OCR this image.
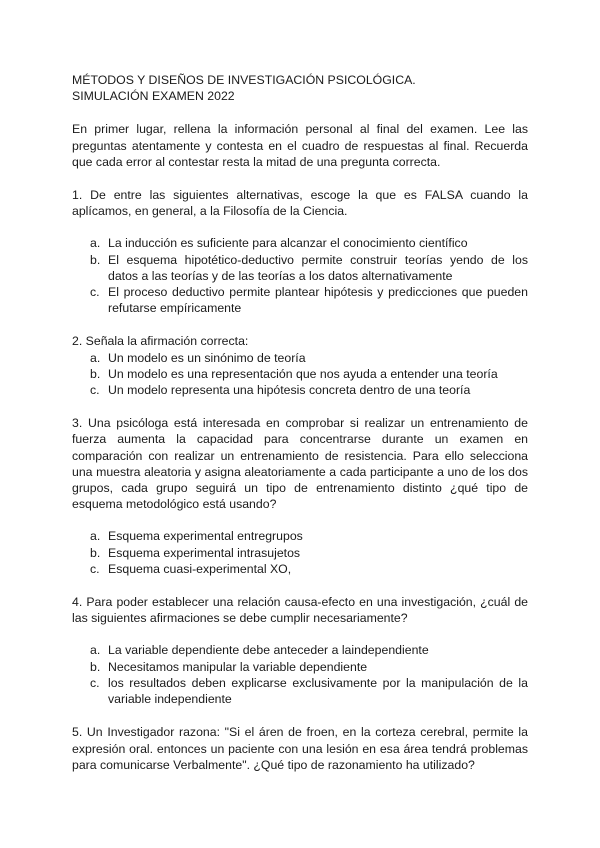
MÉTODOS Y DISEÑOS DE INVESTIGACIÓN PSICOLÓGICA.

SIMULACIÓN EXAMEN 2022

En primer lugar, rellena la información personal al final del examen. Lee las preguntas atentamente y contesta en el cuadro de respuestas al final. Recuerda que cada error al contestar resta la mitad de una pregunta correcta.

1. De entre las siguientes alternativas, escoge la que es FALSA cuando la aplícamos, en general, a la Filosofía de la Ciencia.

a. La inducción es suficiente para alcanzar el conocimiento científico
b. El esquema hipotético-deductivo permite construir teorías yendo de los datos a las teorías y de las teorías a los datos alternativamente
c. El proceso deductivo permite plantear hipótesis y predicciones que pueden refutarse empíricamente

2. Señala la afirmación correcta:

a. Un modelo es un sinónimo de teoría
b. Un modelo es una representación que nos ayuda a entender una teoría
c. Un modelo representa una hipótesis concreta dentro de una teoría

3. Una psicóloga está interesada en comprobar si realizar un entrenamiento de fuerza aumenta la capacidad para concentrarse durante un examen en comparación con realizar un entrenamiento de resistencia. Para ello selecciona una muestra aleatoria y asigna aleatoriamente a cada participante a uno de los dos grupos, cada grupo seguirá un tipo de entrenamiento distinto ¿qué tipo de esquema metodológico está usando?

a. Esquema experimental entregrupos
b. Esquema experimental intrasujetos
c. Esquema cuasi-experimental XO,

4. Para poder establecer una relación causa-efecto en una investigación, ¿cuál de las siguientes afirmaciones se debe cumplir necesariamente?

a. La variable dependiente debe anteceder a laindependiente
b. Necesitamos manipular la variable dependiente
c. los resultados deben explicarse exclusivamente por la manipulación de la variable independiente

5. Un Investigador razona: "Si el áren de froen, en la corteza cerebral, permite la expresión oral. entonces un paciente con una lesión en esa área tendrá problemas para comunicarse Verbalmente". ¿Qué tipo de razonamiento ha utilizado?
